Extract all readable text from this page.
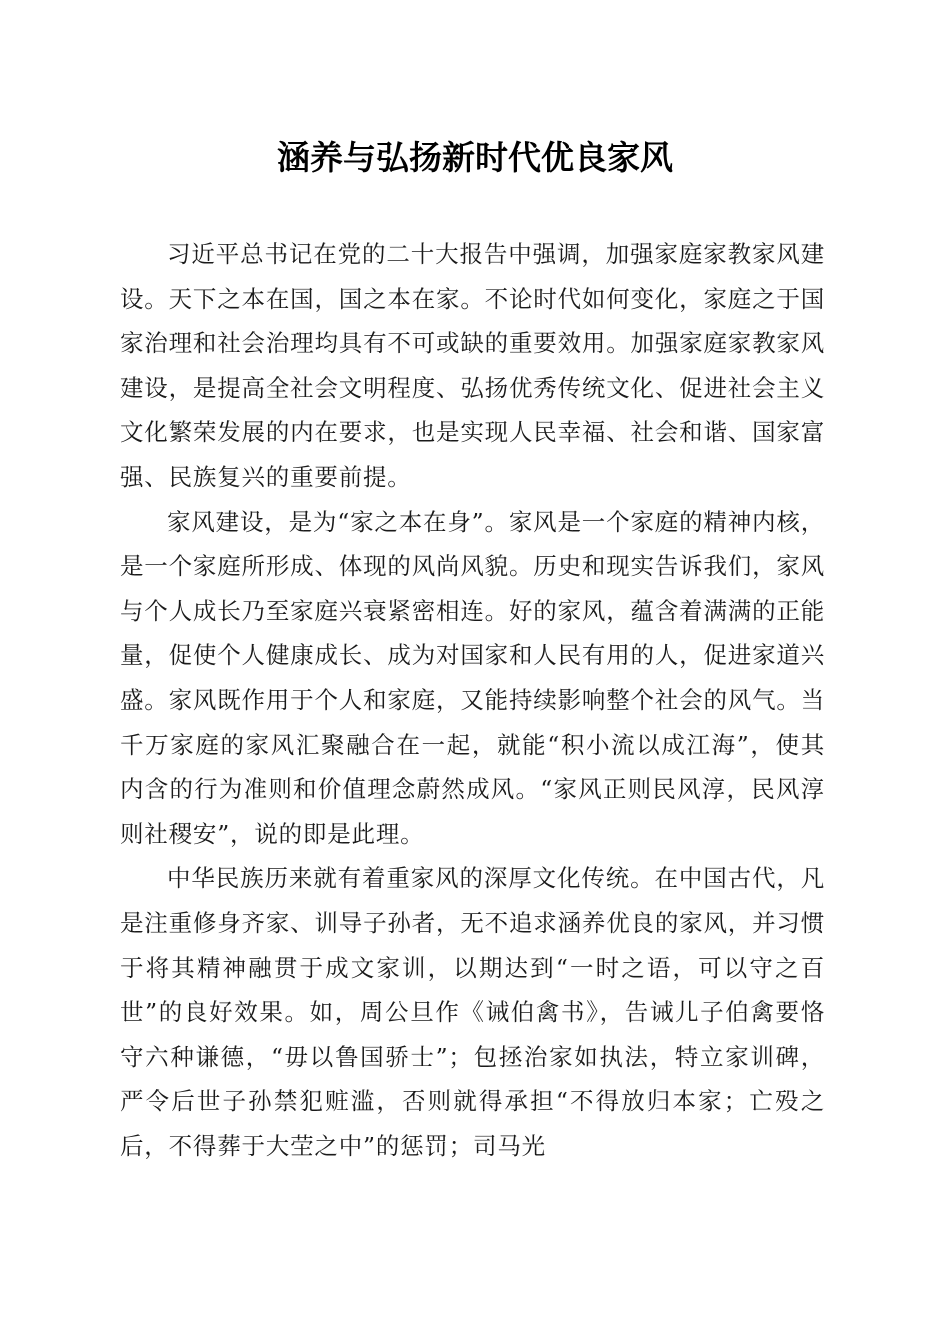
涵养与弘扬新时代优良家风

习近平总书记在党的二十大报告中强调，加强家庭家教家风建设。天下之本在国，国之本在家。不论时代如何变化，家庭之于国家治理和社会治理均具有不可或缺的重要效用。加强家庭家教家风建设，是提高全社会文明程度、弘扬优秀传统文化、促进社会主义文化繁荣发展的内在要求，也是实现人民幸福、社会和谐、国家富强、民族复兴的重要前提。

家风建设，是为“家之本在身”。家风是一个家庭的精神内核，是一个家庭所形成、体现的风尚风貌。历史和现实告诉我们，家风与个人成长乃至家庭兴衰紧密相连。好的家风，蕴含着满满的正能量，促使个人健康成长、成为对国家和人民有用的人，促进家道兴盛。家风既作用于个人和家庭，又能持续影响整个社会的风气。当千万家庭的家风汇聚融合在一起，就能“积小流以成江海”，使其内含的行为准则和价值理念蔚然成风。“家风正则民风淳，民风淳则社稷安”，说的即是此理。

中华民族历来就有着重家风的深厚文化传统。在中国古代，凡是注重修身齐家、训导子孙者，无不追求涵养优良的家风，并习惯于将其精神融贯于成文家训，以期达到“一时之语，可以守之百世”的良好效果。如，周公旦作《诫伯禽书》，告诫儿子伯禽要恪守六种谦德，“毋以鲁国骄士”；包拯治家如执法，特立家训碑，严令后世子孙禁犯赃滥，否则就得承担“不得放归本家；亡殁之后，不得葬于大茔之中”的惩罚；司马光
